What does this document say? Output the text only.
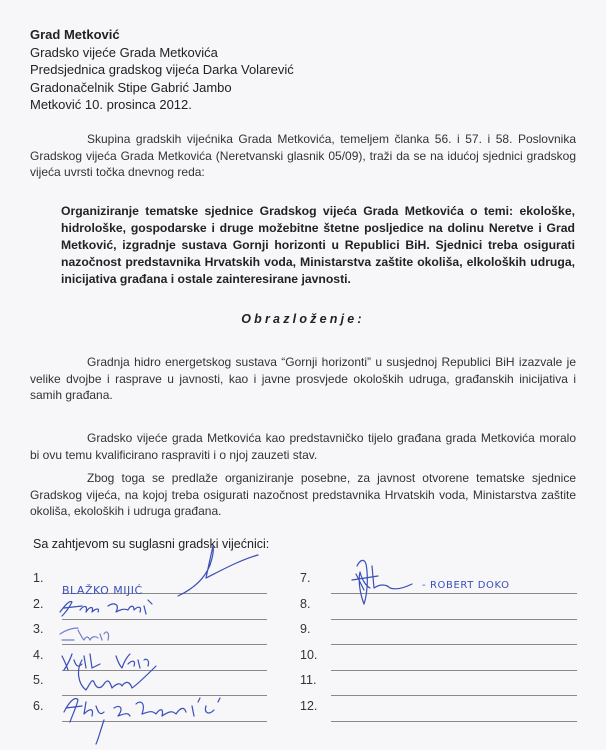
Grad Metković
Gradsko vijeće Grada Metkovića
Predsjednica gradskog vijeća Darka Volarević
Gradonačelnik Stipe Gabrić Jambo
Metković 10. prosinca 2012.
Skupina gradskih vijećnika Grada Metkovića, temeljem članka 56. i 57. i 58. Poslovnika Gradskog vijeća Grada Metkovića (Neretvanski glasnik 05/09), traži da se na idućoj sjednici gradskog vijeća uvrsti točka dnevnog reda:
Organiziranje tematske sjednice Gradskog vijeća Grada Metkovića o temi: ekološke, hidrološke, gospodarske i druge možebitne štetne posljedice na dolinu Neretve i Grad Metković, izgradnje sustava Gornji horizonti u Republici BiH. Sjednici treba osigurati nazočnost predstavnika Hrvatskih voda, Ministarstva zaštite okoliša, elkoloških udruga, inicijativa građana i ostale zainteresirane javnosti.
Obrazloženje:
Gradnja hidro energetskog sustava “Gornji horizonti” u susjednoj Republici BiH izazvale je velike dvojbe i rasprave u javnosti, kao i javne prosvjede okoloških udruga, građanskih inicijativa i samih građana.
Gradsko vijeće grada Metkovića kao predstavničko tijelo građana grada Metkovića moralo bi ovu temu kvalificirano raspraviti i o njoj zauzeti stav.
Zbog toga se predlaže organiziranje posebne, za javnost otvorene tematske sjednice Gradskog vijeća, na kojoj treba osigurati nazočnost predstavnika Hrvatskih voda, Ministarstva zaštite okoliša, ekoloških i udruga građana.
Sa zahtjevom su suglasni gradski vijećnici:
1.
2.
3.
4.
5.
6.
7.
8.
9.
10.
11.
12.
BLAŽKO MIJIĆ	- ROBERT DOKO
